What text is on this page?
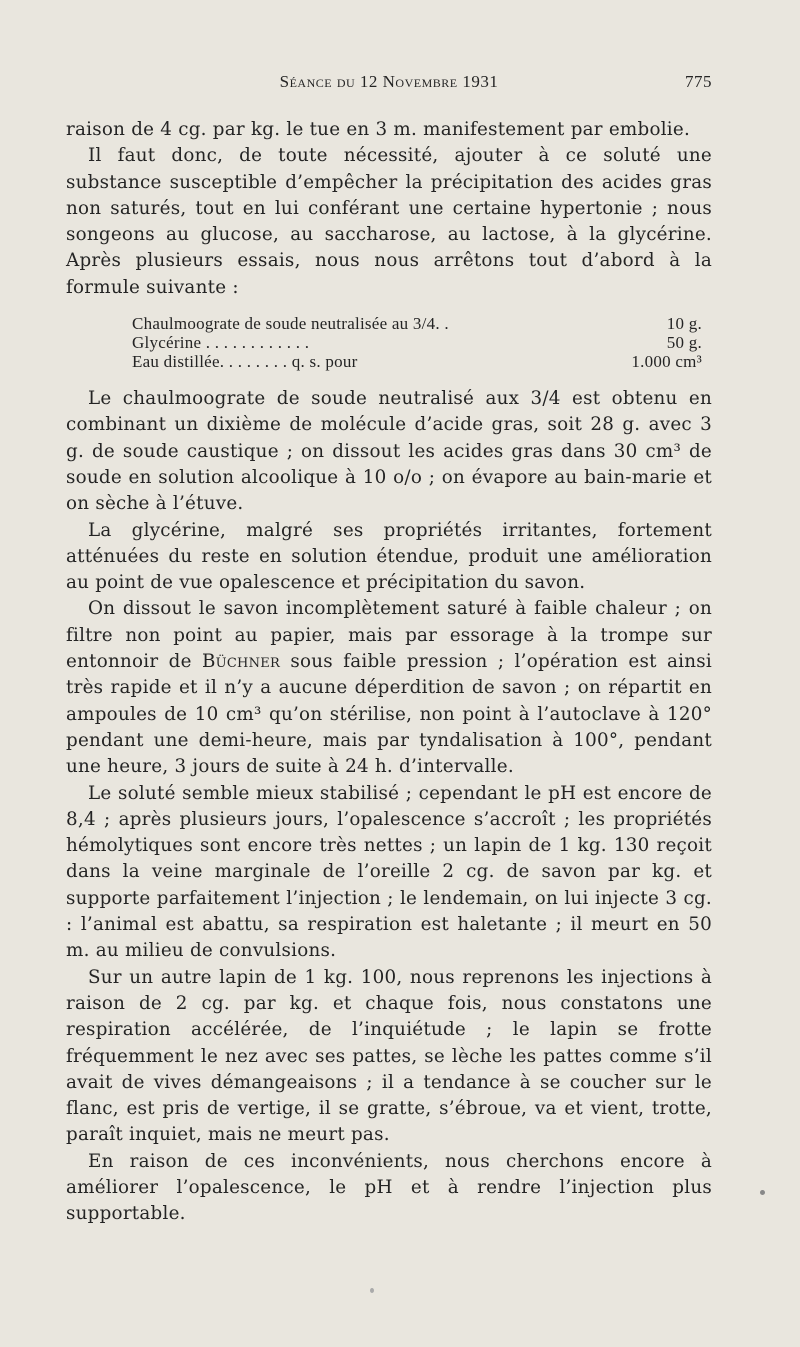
Séance du 12 Novembre 1931	775

raison de 4 cg. par kg. le tue en 3 m. manifestement par embolie.

Il faut donc, de toute nécessité, ajouter à ce soluté une substance susceptible d’empêcher la précipitation des acides gras non saturés, tout en lui conférant une certaine hypertonie ; nous songeons au glucose, au saccharose, au lactose, à la glycérine. Après plusieurs essais, nous nous arrêtons tout d’abord à la formule suivante :

Chaulmoograte de soude neutralisée au 3/4. .	10 g.
Glycérine . . . . . . . . . . . .	50 g.
Eau distillée. . . . . . . . q. s. pour	1.000 cm³

Le chaulmoograte de soude neutralisé aux 3/4 est obtenu en combinant un dixième de molécule d’acide gras, soit 28 g. avec 3 g. de soude caustique ; on dissout les acides gras dans 30 cm³ de soude en solution alcoolique à 10 o/o ; on évapore au bain-marie et on sèche à l’étuve.

La glycérine, malgré ses propriétés irritantes, fortement atténuées du reste en solution étendue, produit une amélioration au point de vue opalescence et précipitation du savon.

On dissout le savon incomplètement saturé à faible chaleur ; on filtre non point au papier, mais par essorage à la trompe sur entonnoir de Büchner sous faible pression ; l’opération est ainsi très rapide et il n’y a aucune déperdition de savon ; on répartit en ampoules de 10 cm³ qu’on stérilise, non point à l’autoclave à 120° pendant une demi-heure, mais par tyndalisation à 100°, pendant une heure, 3 jours de suite à 24 h. d’intervalle.

Le soluté semble mieux stabilisé ; cependant le pH est encore de 8,4 ; après plusieurs jours, l’opalescence s’accroît ; les propriétés hémolytiques sont encore très nettes ; un lapin de 1 kg. 130 reçoit dans la veine marginale de l’oreille 2 cg. de savon par kg. et supporte parfaitement l’injection ; le lendemain, on lui injecte 3 cg. : l’animal est abattu, sa respiration est haletante ; il meurt en 50 m. au milieu de convulsions.

Sur un autre lapin de 1 kg. 100, nous reprenons les injections à raison de 2 cg. par kg. et chaque fois, nous constatons une respiration accélérée, de l’inquiétude ; le lapin se frotte fréquemment le nez avec ses pattes, se lèche les pattes comme s’il avait de vives démangeaisons ; il a tendance à se coucher sur le flanc, est pris de vertige, il se gratte, s’ébroue, va et vient, trotte, paraît inquiet, mais ne meurt pas.

En raison de ces inconvénients, nous cherchons encore à améliorer l’opalescence, le pH et à rendre l’injection plus supportable.
